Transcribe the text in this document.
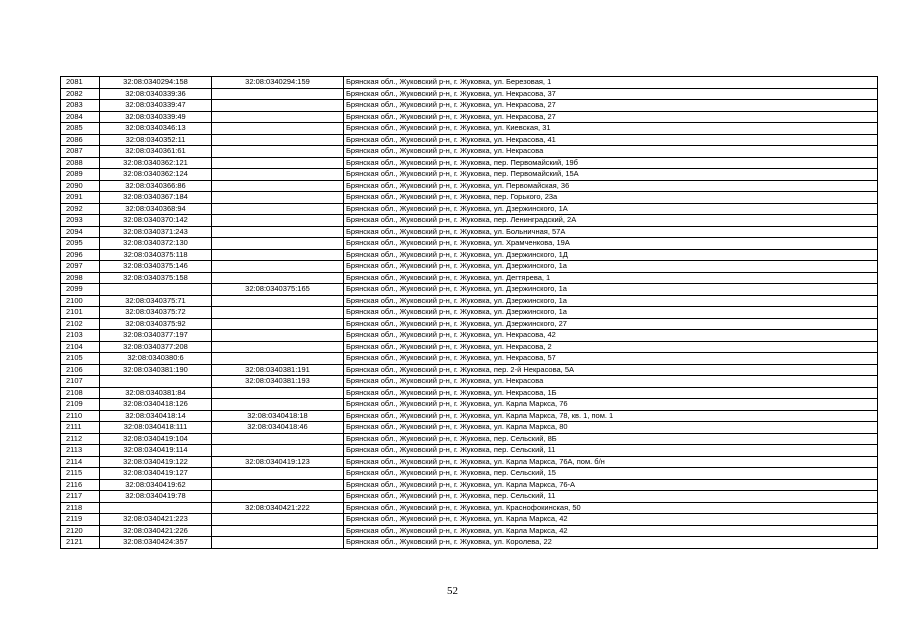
2081	32:08:0340294:158	32:08:0340294:159	Брянская обл., Жуковский р-н, г. Жуковка, ул. Березовая, 1
2082	32:08:0340339:36		Брянская обл., Жуковский р-н, г. Жуковка, ул. Некрасова, 37
2083	32:08:0340339:47		Брянская обл., Жуковский р-н, г. Жуковка, ул. Некрасова, 27
2084	32:08:0340339:49		Брянская обл., Жуковский р-н, г. Жуковка, ул. Некрасова, 27
2085	32:08:0340346:13		Брянская обл., Жуковский р-н, г. Жуковка, ул. Киевская, 31
2086	32:08:0340352:11		Брянская обл., Жуковский р-н, г. Жуковка, ул. Некрасова, 41
2087	32:08:0340361:61		Брянская обл., Жуковский р-н, г. Жуковка, ул. Некрасова
2088	32:08:0340362:121		Брянская обл., Жуковский р-н, г. Жуковка, пер. Первомайский, 19б
2089	32:08:0340362:124		Брянская обл., Жуковский р-н, г. Жуковка, пер. Первомайский, 15А
2090	32:08:0340366:86		Брянская обл., Жуковский р-н, г. Жуковка, ул. Первомайская, 36
2091	32:08:0340367:184		Брянская обл., Жуковский р-н, г. Жуковка, пер. Горького, 23а
2092	32:08:0340368:94		Брянская обл., Жуковский р-н, г. Жуковка, ул. Дзержинского, 1А
2093	32:08:0340370:142		Брянская обл., Жуковский р-н, г. Жуковка, пер. Ленинградский, 2А
2094	32:08:0340371:243		Брянская обл., Жуковский р-н, г. Жуковка, ул. Больничная, 57А
2095	32:08:0340372:130		Брянская обл., Жуковский р-н, г. Жуковка, ул. Храмченкова, 19А
2096	32:08:0340375:118		Брянская обл., Жуковский р-н, г. Жуковка, ул. Дзержинского, 1Д
2097	32:08:0340375:146		Брянская обл., Жуковский р-н, г. Жуковка, ул. Дзержинского, 1а
2098	32:08:0340375:158		Брянская обл., Жуковский р-н, г. Жуковка, ул. Дегтярева, 1
2099		32:08:0340375:165	Брянская обл., Жуковский р-н, г. Жуковка, ул. Дзержинского, 1а
2100	32:08:0340375:71		Брянская обл., Жуковский р-н, г. Жуковка, ул. Дзержинского, 1а
2101	32:08:0340375:72		Брянская обл., Жуковский р-н, г. Жуковка, ул. Дзержинского, 1а
2102	32:08:0340375:92		Брянская обл., Жуковский р-н, г. Жуковка, ул. Дзержинского, 27
2103	32:08:0340377:197		Брянская обл., Жуковский р-н, г. Жуковка, ул. Некрасова, 42
2104	32:08:0340377:208		Брянская обл., Жуковский р-н, г. Жуковка, ул. Некрасова, 2
2105	32:08:0340380:6		Брянская обл., Жуковский р-н, г. Жуковка, ул. Некрасова, 57
2106	32:08:0340381:190	32:08:0340381:191	Брянская обл., Жуковский р-н, г. Жуковка, пер. 2-й Некрасова, 5А
2107		32:08:0340381:193	Брянская обл., Жуковский р-н, г. Жуковка, ул. Некрасова
2108	32:08:0340381:84		Брянская обл., Жуковский р-н, г. Жуковка, ул. Некрасова, 1Б
2109	32:08:0340418:126		Брянская обл., Жуковский р-н, г. Жуковка, ул. Карла Маркса, 76
2110	32:08:0340418:14	32:08:0340418:18	Брянская обл., Жуковский р-н, г. Жуковка, ул. Карла Маркса, 78, кв. 1, пом. 1
2111	32:08:0340418:111	32:08:0340418:46	Брянская обл., Жуковский р-н, г. Жуковка, ул. Карла Маркса, 80
2112	32:08:0340419:104		Брянская обл., Жуковский р-н, г. Жуковка, пер. Сельский, 8Б
2113	32:08:0340419:114		Брянская обл., Жуковский р-н, г. Жуковка, пер. Сельский, 11
2114	32:08:0340419:122	32:08:0340419:123	Брянская обл., Жуковский р-н, г. Жуковка, ул. Карла Маркса, 76А, пом. б/н
2115	32:08:0340419:127		Брянская обл., Жуковский р-н, г. Жуковка, пер. Сельский, 15
2116	32:08:0340419:62		Брянская обл., Жуковский р-н, г. Жуковка, ул. Карла Маркса, 76-А
2117	32:08:0340419:78		Брянская обл., Жуковский р-н, г. Жуковка, пер. Сельский, 11
2118		32:08:0340421:222	Брянская обл., Жуковский р-н, г. Жуковка, ул. Краснофокинская, 50
2119	32:08:0340421:223		Брянская обл., Жуковский р-н, г. Жуковка, ул. Карла Маркса, 42
2120	32:08:0340421:226		Брянская обл., Жуковский р-н, г. Жуковка, ул. Карла Маркса, 42
2121	32:08:0340424:357		Брянская обл., Жуковский р-н, г. Жуковка, ул. Королева, 22
52
